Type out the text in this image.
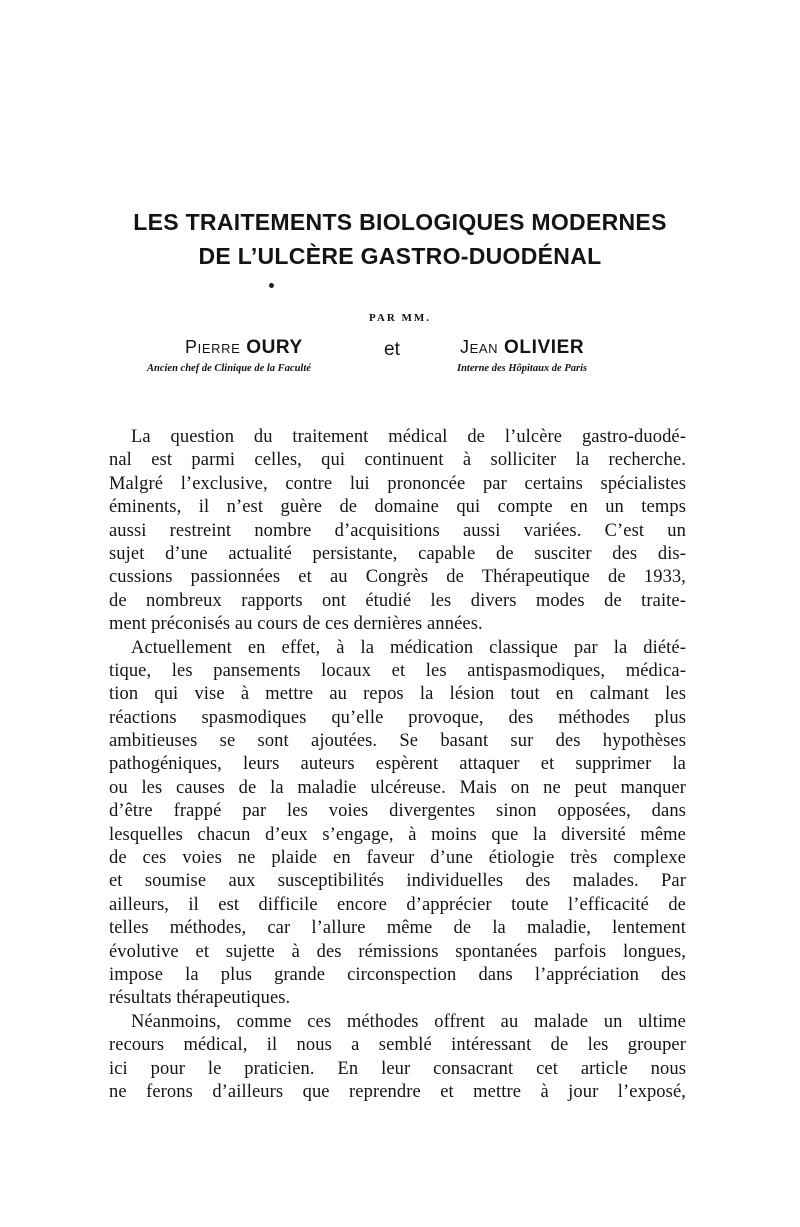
LES TRAITEMENTS BIOLOGIQUES MODERNES
DE L’ULCÈRE GASTRO-DUODÉNAL
PAR MM.
Pierre OURY	et	Jean OLIVIER
Ancien chef de Clinique de la Faculté	Interne des Hôpitaux de Paris
La question du traitement médical de l’ulcère gastro-duodé-
nal est parmi celles, qui continuent à solliciter la recherche.
Malgré l’exclusive, contre lui prononcée par certains spécialistes
éminents, il n’est guère de domaine qui compte en un temps
aussi restreint nombre d’acquisitions aussi variées. C’est un
sujet d’une actualité persistante, capable de susciter des dis-
cussions passionnées et au Congrès de Thérapeutique de 1933,
de nombreux rapports ont étudié les divers modes de traite-
ment préconisés au cours de ces dernières années.
Actuellement en effet, à la médication classique par la diété-
tique, les pansements locaux et les antispasmodiques, médica-
tion qui vise à mettre au repos la lésion tout en calmant les
réactions spasmodiques qu’elle provoque, des méthodes plus
ambitieuses se sont ajoutées. Se basant sur des hypothèses
pathogéniques, leurs auteurs espèrent attaquer et supprimer la
ou les causes de la maladie ulcéreuse. Mais on ne peut manquer
d’être frappé par les voies divergentes sinon opposées, dans
lesquelles chacun d’eux s’engage, à moins que la diversité même
de ces voies ne plaide en faveur d’une étiologie très complexe
et soumise aux susceptibilités individuelles des malades. Par
ailleurs, il est difficile encore d’apprécier toute l’efficacité de
telles méthodes, car l’allure même de la maladie, lentement
évolutive et sujette à des rémissions spontanées parfois longues,
impose la plus grande circonspection dans l’appréciation des
résultats thérapeutiques.
Néanmoins, comme ces méthodes offrent au malade un ultime
recours médical, il nous a semblé intéressant de les grouper
ici pour le praticien. En leur consacrant cet article nous
ne ferons d’ailleurs que reprendre et mettre à jour l’exposé,
